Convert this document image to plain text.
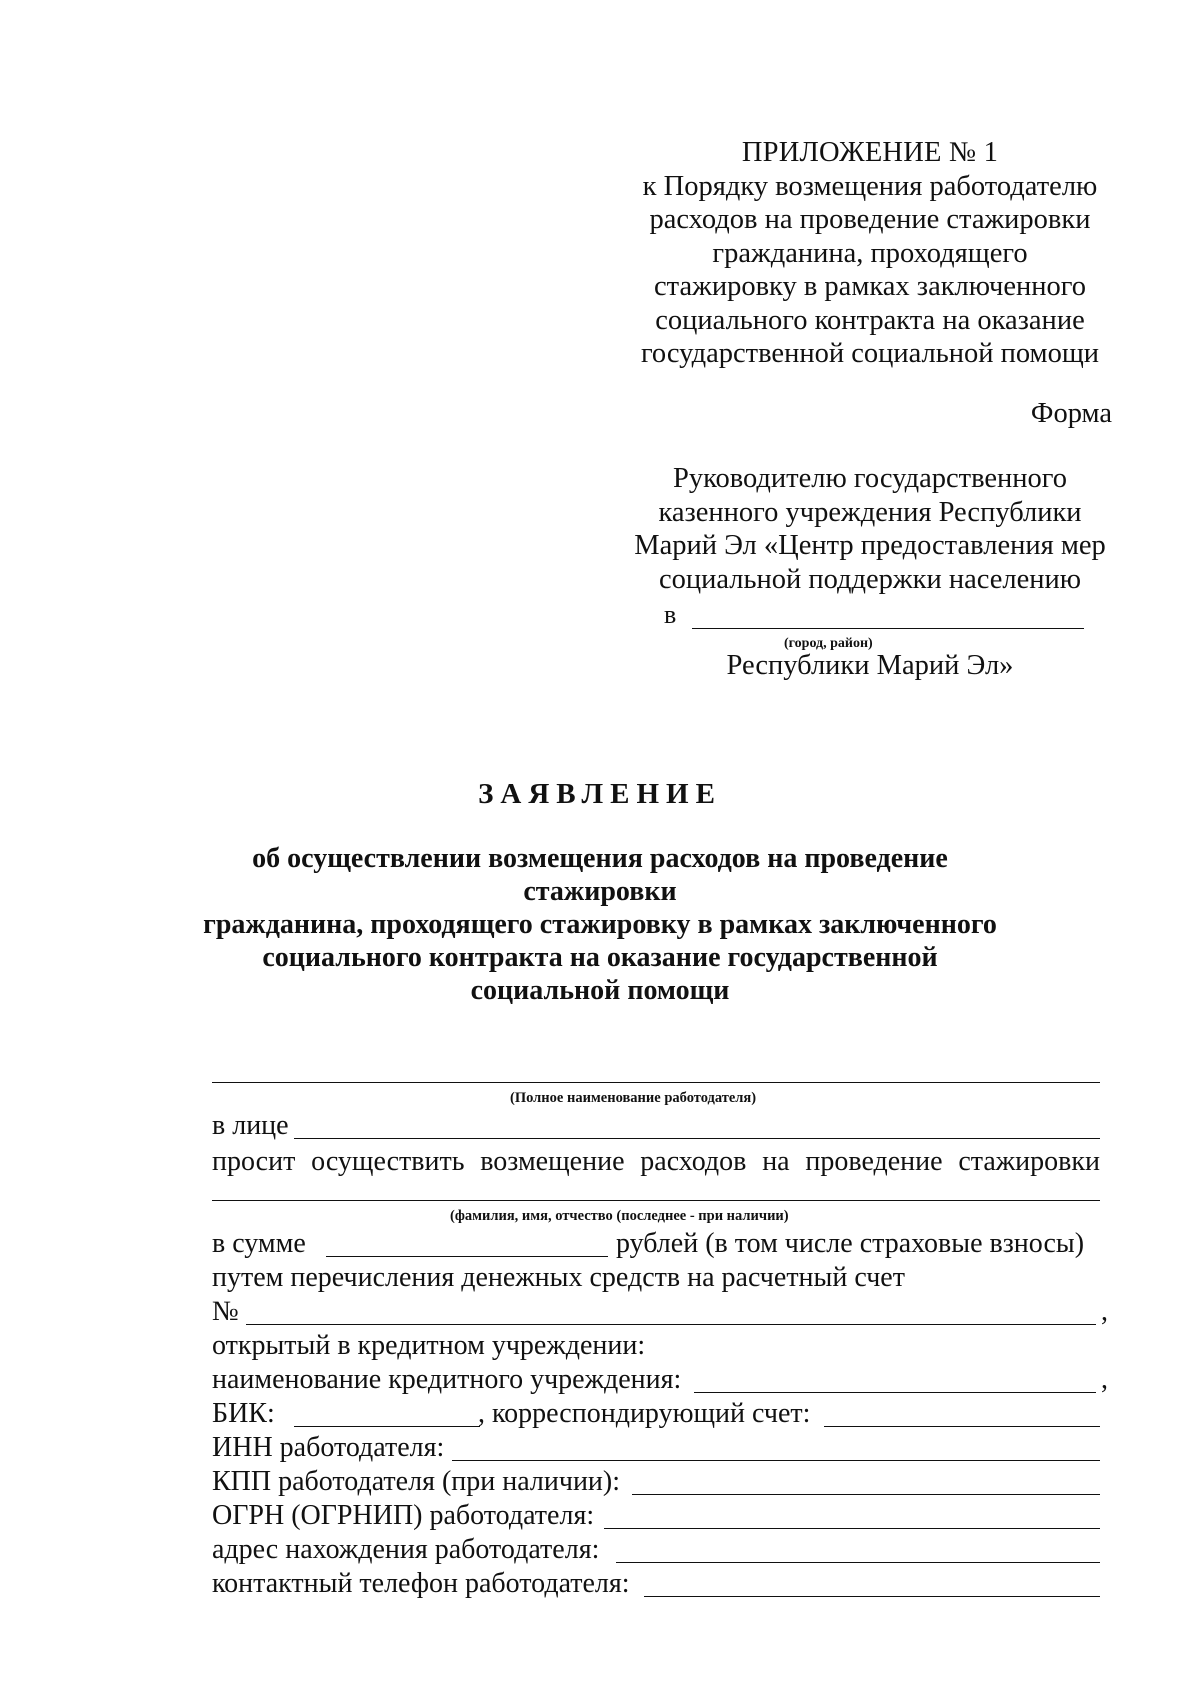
ПРИЛОЖЕНИЕ № 1
к Порядку возмещения работодателю
расходов на проведение стажировки
гражданина, проходящего
стажировку в рамках заключенного
социального контракта на оказание
государственной социальной помощи
Форма
Руководителю государственного
казенного учреждения Республики
Марий Эл «Центр предоставления мер
социальной поддержки населению
в
(город, район)
Республики Марий Эл»
ЗАЯВЛЕНИЕ
об осуществлении возмещения расходов на проведение стажировки
гражданина, проходящего стажировку в рамках заключенного
социального контракта на оказание государственной
социальной помощи
(Полное наименование работодателя)
в лице
просит осуществить возмещение расходов на проведение стажировки
(фамилия, имя, отчество (последнее - при наличии)
в сумме	рублей (в том числе страховые взносы)
путем перечисления денежных средств на расчетный счет
№	,
открытый в кредитном учреждении:
наименование кредитного учреждения:	,
БИК:	, корреспондирующий счет:
ИНН работодателя:
КПП работодателя (при наличии):
ОГРН (ОГРНИП) работодателя:
адрес нахождения работодателя:
контактный телефон работодателя:
